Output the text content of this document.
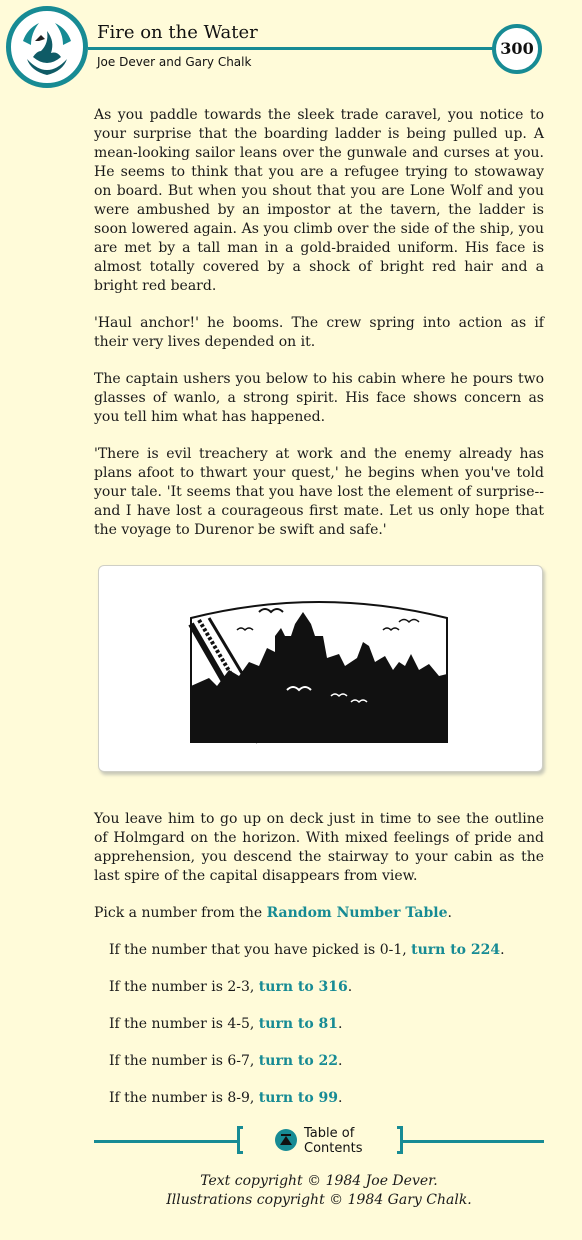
Fire on the Water
Joe Dever and Gary Chalk
300

As you paddle towards the sleek trade caravel, you notice to your surprise that the boarding ladder is being pulled up. A mean-looking sailor leans over the gunwale and curses at you. He seems to think that you are a refugee trying to stowaway on board. But when you shout that you are Lone Wolf and you were ambushed by an impostor at the tavern, the ladder is soon lowered again. As you climb over the side of the ship, you are met by a tall man in a gold-braided uniform. His face is almost totally covered by a shock of bright red hair and a bright red beard.

'Haul anchor!' he booms. The crew spring into action as if their very lives depended on it.

The captain ushers you below to his cabin where he pours two glasses of wanlo, a strong spirit. His face shows concern as you tell him what has happened.

'There is evil treachery at work and the enemy already has plans afoot to thwart your quest,' he begins when you've told your tale. 'It seems that you have lost the element of surprise--and I have lost a courageous first mate. Let us only hope that the voyage to Durenor be swift and safe.'

You leave him to go up on deck just in time to see the outline of Holmgard on the horizon. With mixed feelings of pride and apprehension, you descend the stairway to your cabin as the last spire of the capital disappears from view.

Pick a number from the Random Number Table.

If the number that you have picked is 0-1, turn to 224.

If the number is 2-3, turn to 316.

If the number is 4-5, turn to 81.

If the number is 6-7, turn to 22.

If the number is 8-9, turn to 99.

Table of
Contents
Text copyright © 1984 Joe Dever.
Illustrations copyright © 1984 Gary Chalk.
